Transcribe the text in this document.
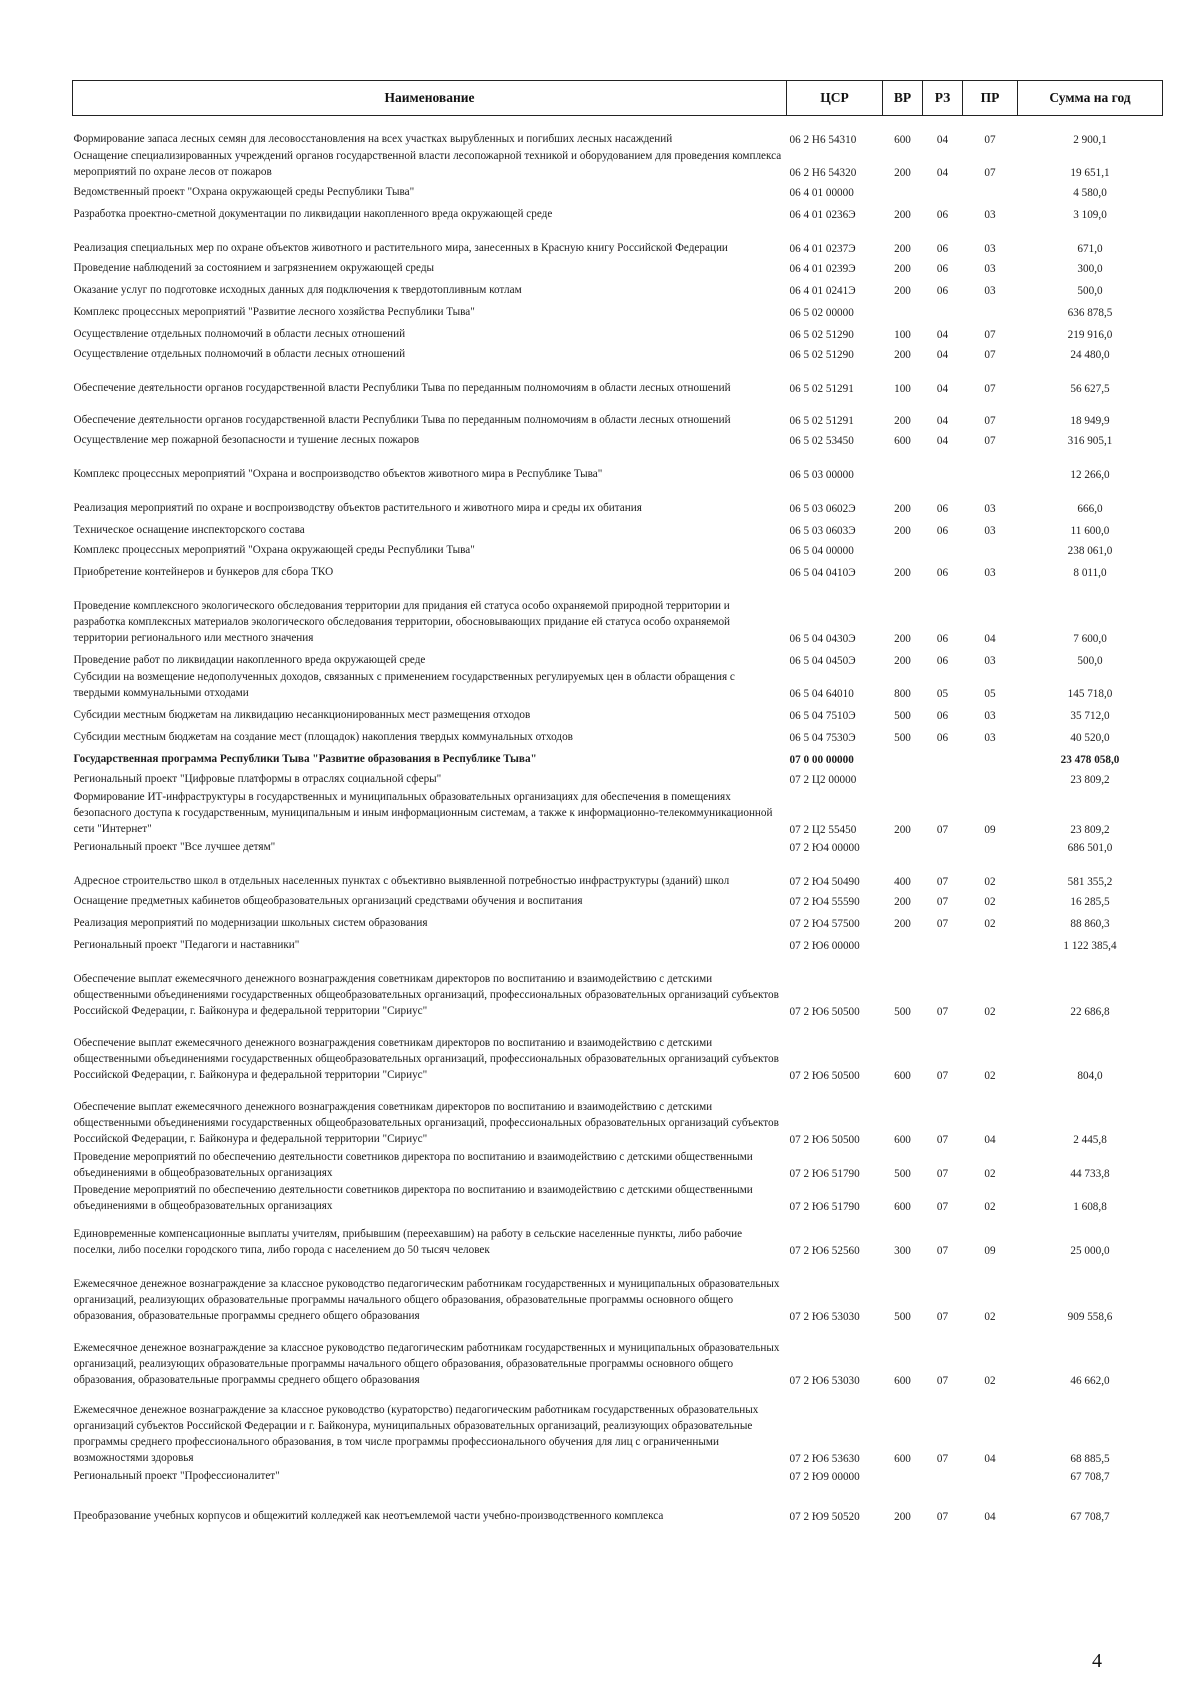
Наименование	ЦСР	ВР	РЗ	ПР	Сумма на год
Формирование запаса лесных семян для лесовосстановления на всех участках вырубленных и погибших лесных насаждений	06 2 Н6 54310	600	04	07	2 900,1
Оснащение специализированных учреждений органов государственной власти лесопожарной техникой и оборудованием для проведения комплекса мероприятий по охране лесов от пожаров	06 2 Н6 54320	200	04	07	19 651,1
Ведомственный проект "Охрана окружающей среды Республики Тыва"	06 4 01 00000				4 580,0
Разработка проектно-сметной документации по ликвидации накопленного вреда окружающей среде	06 4 01 0236Э	200	06	03	3 109,0
Реализация специальных мер по охране объектов животного и растительного мира, занесенных в Красную книгу Российской Федерации	06 4 01 0237Э	200	06	03	671,0
Проведение наблюдений за состоянием и загрязнением окружающей среды	06 4 01 0239Э	200	06	03	300,0
Оказание услуг по подготовке исходных данных для подключения к твердотопливным котлам	06 4 01 0241Э	200	06	03	500,0
Комплекс процессных мероприятий "Развитие лесного хозяйства Республики Тыва"	06 5 02 00000				636 878,5
Осуществление отдельных полномочий в области лесных отношений	06 5 02 51290	100	04	07	219 916,0
Осуществление отдельных полномочий в области лесных отношений	06 5 02 51290	200	04	07	24 480,0
Обеспечение деятельности органов государственной власти Республики Тыва по переданным полномочиям в области лесных отношений	06 5 02 51291	100	04	07	56 627,5
Обеспечение деятельности органов государственной власти Республики Тыва по переданным полномочиям в области лесных отношений	06 5 02 51291	200	04	07	18 949,9
Осуществление мер пожарной безопасности и тушение лесных пожаров	06 5 02 53450	600	04	07	316 905,1
Комплекс процессных мероприятий "Охрана и воспроизводство объектов животного мира в Республике Тыва"	06 5 03 00000				12 266,0
Реализация мероприятий по охране и воспроизводству объектов растительного и животного мира и среды их обитания	06 5 03 0602Э	200	06	03	666,0
Техническое оснащение инспекторского состава	06 5 03 0603Э	200	06	03	11 600,0
Комплекс процессных мероприятий "Охрана окружающей среды Республики Тыва"	06 5 04 00000				238 061,0
Приобретение контейнеров и бункеров для сбора ТКО	06 5 04 0410Э	200	06	03	8 011,0
Проведение комплексного экологического обследования территории для придания ей статуса особо охраняемой природной территории и разработка комплексных материалов экологического обследования территории, обосновывающих придание ей статуса особо охраняемой территории регионального или местного значения	06 5 04 0430Э	200	06	04	7 600,0
Проведение работ по ликвидации накопленного вреда окружающей среде	06 5 04 0450Э	200	06	03	500,0
Субсидии на возмещение недополученных доходов, связанных с применением государственных регулируемых цен в области обращения с твердыми коммунальными отходами	06 5 04 64010	800	05	05	145 718,0
Субсидии местным бюджетам на ликвидацию несанкционированных мест размещения отходов	06 5 04 7510Э	500	06	03	35 712,0
Субсидии местным бюджетам на создание мест (площадок) накопления твердых коммунальных отходов	06 5 04 7530Э	500	06	03	40 520,0
Государственная программа Республики Тыва "Развитие образования в Республике Тыва"	07 0 00 00000				23 478 058,0
Региональный проект "Цифровые платформы в отраслях социальной сферы"	07 2 Ц2 00000				23 809,2
Формирование ИТ-инфраструктуры в государственных и муниципальных образовательных организациях для обеспечения в помещениях безопасного доступа к государственным, муниципальным и иным информационным системам, а также к информационно-телекоммуникационной сети "Интернет"	07 2 Ц2 55450	200	07	09	23 809,2
Региональный проект "Все лучшее детям"	07 2 Ю4 00000				686 501,0
Адресное строительство школ в отдельных населенных пунктах с объективно выявленной потребностью инфраструктуры (зданий) школ	07 2 Ю4 50490	400	07	02	581 355,2
Оснащение предметных кабинетов общеобразовательных организаций средствами обучения и воспитания	07 2 Ю4 55590	200	07	02	16 285,5
Реализация мероприятий по модернизации школьных систем образования	07 2 Ю4 57500	200	07	02	88 860,3
Региональный проект "Педагоги и наставники"	07 2 Ю6 00000				1 122 385,4
Обеспечение выплат ежемесячного денежного вознаграждения советникам директоров по воспитанию и взаимодействию с детскими общественными объединениями государственных общеобразовательных организаций, профессиональных образовательных организаций субъектов Российской Федерации, г. Байконура и федеральной территории "Сириус"	07 2 Ю6 50500	500	07	02	22 686,8
Обеспечение выплат ежемесячного денежного вознаграждения советникам директоров по воспитанию и взаимодействию с детскими общественными объединениями государственных общеобразовательных организаций, профессиональных образовательных организаций субъектов Российской Федерации, г. Байконура и федеральной территории "Сириус"	07 2 Ю6 50500	600	07	02	804,0
Обеспечение выплат ежемесячного денежного вознаграждения советникам директоров по воспитанию и взаимодействию с детскими общественными объединениями государственных общеобразовательных организаций, профессиональных образовательных организаций субъектов Российской Федерации, г. Байконура и федеральной территории "Сириус"	07 2 Ю6 50500	600	07	04	2 445,8
Проведение мероприятий по обеспечению деятельности советников директора по воспитанию и взаимодействию с детскими общественными объединениями в общеобразовательных организациях	07 2 Ю6 51790	500	07	02	44 733,8
Проведение мероприятий по обеспечению деятельности советников директора по воспитанию и взаимодействию с детскими общественными объединениями в общеобразовательных организациях	07 2 Ю6 51790	600	07	02	1 608,8
Единовременные компенсационные выплаты учителям, прибывшим (переехавшим) на работу в сельские населенные пункты, либо рабочие поселки, либо поселки городского типа, либо города с населением до 50 тысяч человек	07 2 Ю6 52560	300	07	09	25 000,0
Ежемесячное денежное вознаграждение за классное руководство педагогическим работникам государственных и муниципальных образовательных организаций, реализующих образовательные программы начального общего образования, образовательные программы основного общего образования, образовательные программы среднего общего образования	07 2 Ю6 53030	500	07	02	909 558,6
Ежемесячное денежное вознаграждение за классное руководство педагогическим работникам государственных и муниципальных образовательных организаций, реализующих образовательные программы начального общего образования, образовательные программы основного общего образования, образовательные программы среднего общего образования	07 2 Ю6 53030	600	07	02	46 662,0
Ежемесячное денежное вознаграждение за классное руководство (кураторство) педагогическим работникам государственных образовательных организаций субъектов Российской Федерации и г. Байконура, муниципальных образовательных организаций, реализующих образовательные программы среднего профессионального образования, в том числе программы профессионального обучения для лиц с ограниченными возможностями здоровья	07 2 Ю6 53630	600	07	04	68 885,5
Региональный проект "Профессионалитет"	07 2 Ю9 00000				67 708,7
Преобразование учебных корпусов и общежитий колледжей как неотъемлемой части учебно-производственного комплекса	07 2 Ю9 50520	200	07	04	67 708,7
4
